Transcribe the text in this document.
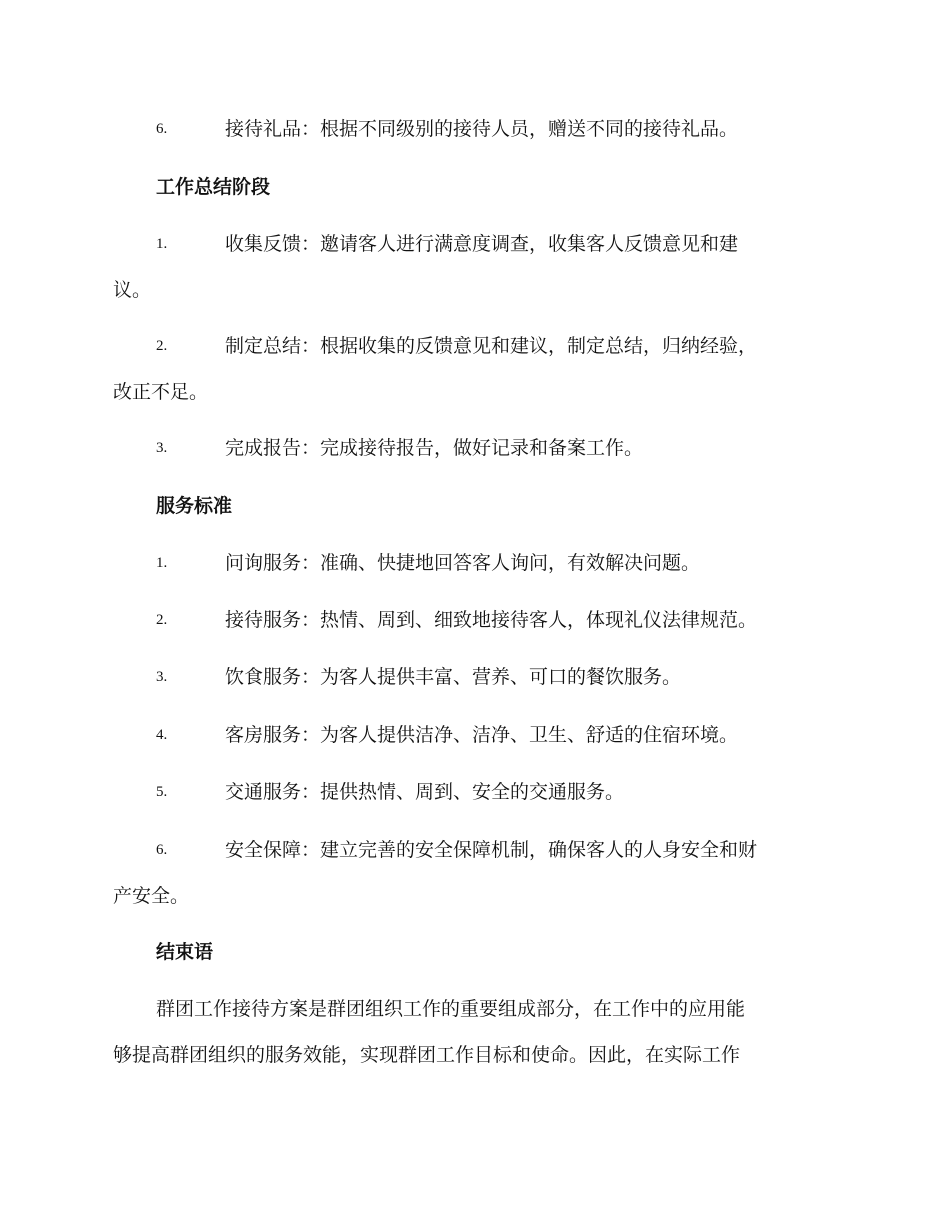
6.	接待礼品：根据不同级别的接待人员，赠送不同的接待礼品。
工作总结阶段
1.	收集反馈：邀请客人进行满意度调查，收集客人反馈意见和建
议。
2.	制定总结：根据收集的反馈意见和建议，制定总结，归纳经验，
改正不足。
3.	完成报告：完成接待报告，做好记录和备案工作。
服务标准
1.	问询服务：准确、快捷地回答客人询问，有效解决问题。
2.	接待服务：热情、周到、细致地接待客人，体现礼仪法律规范。
3.	饮食服务：为客人提供丰富、营养、可口的餐饮服务。
4.	客房服务：为客人提供洁净、洁净、卫生、舒适的住宿环境。
5.	交通服务：提供热情、周到、安全的交通服务。
6.	安全保障：建立完善的安全保障机制，确保客人的人身安全和财
产安全。
结束语
群团工作接待方案是群团组织工作的重要组成部分，在工作中的应用能
够提高群团组织的服务效能，实现群团工作目标和使命。因此，在实际工作
